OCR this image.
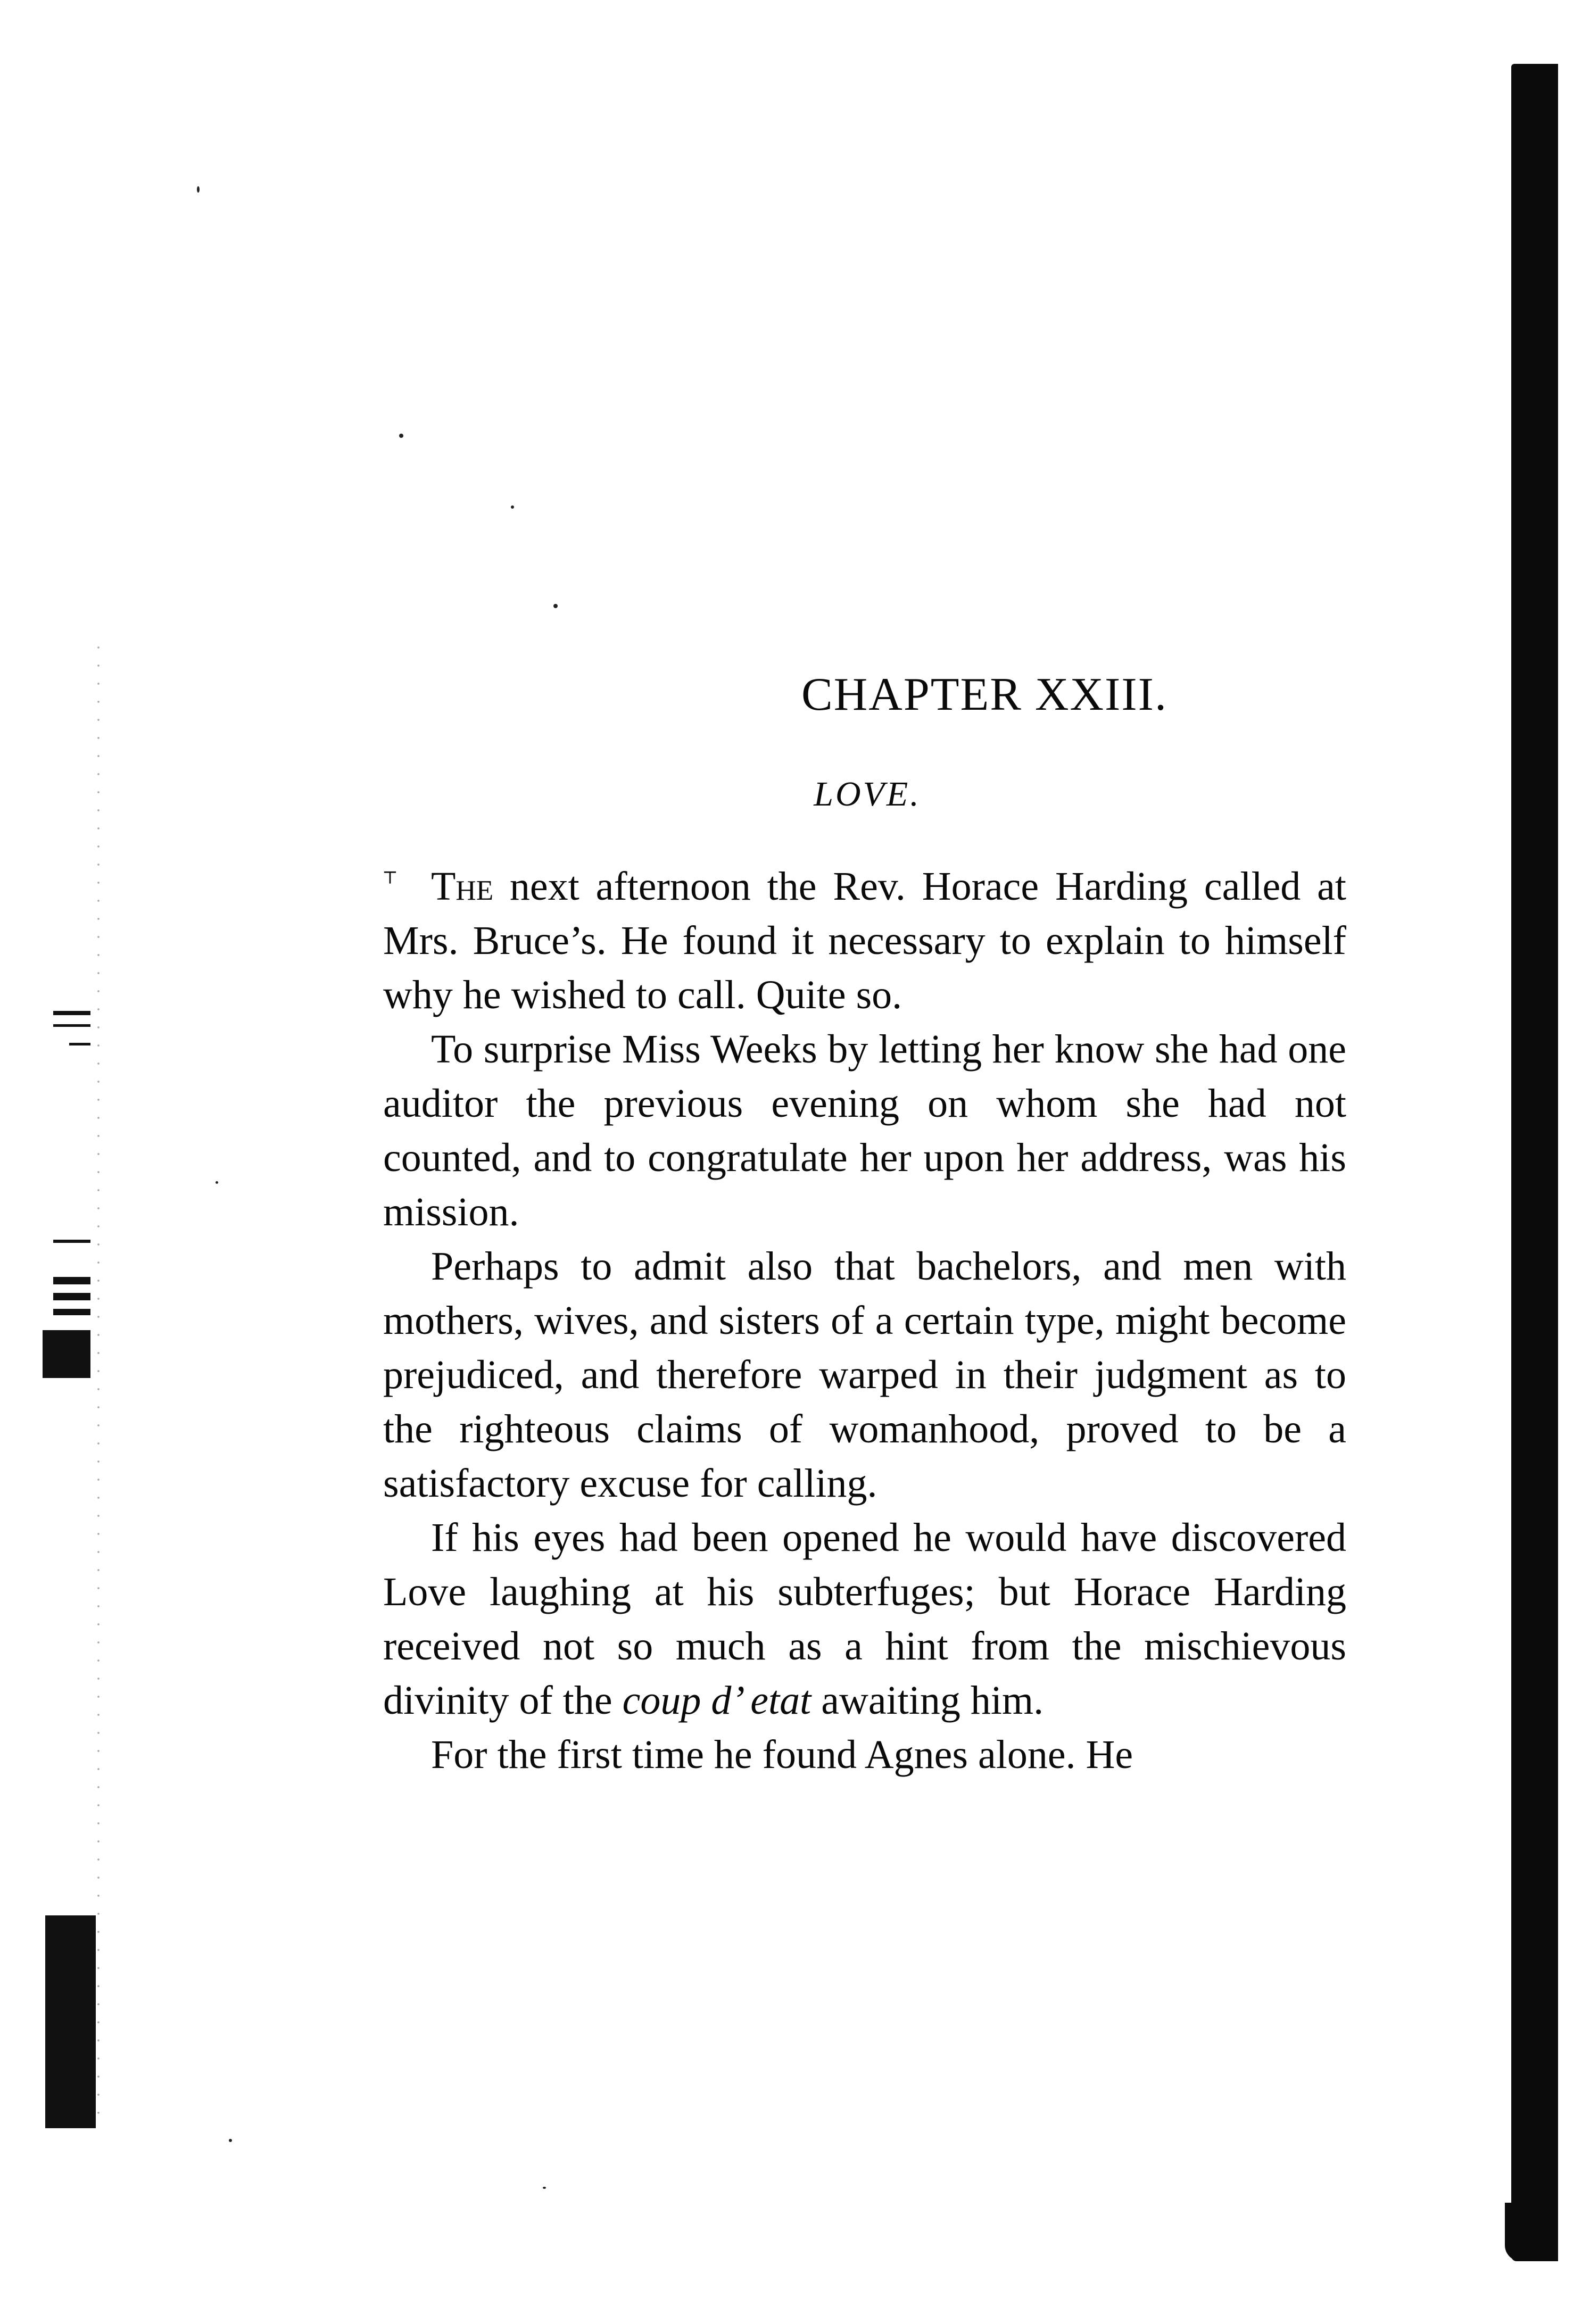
CHAPTER XXIII.
LOVE.
⸆ The next afternoon the Rev. Horace Harding called at Mrs. Bruce’s. He found it necessary to explain to himself why he wished to call. Quite so.

To surprise Miss Weeks by letting her know she had one auditor the previous evening on whom she had not counted, and to congratulate her upon her address, was his mission.

Perhaps to admit also that bachelors, and men with mothers, wives, and sisters of a certain type, might become prejudiced, and therefore warped in their judgment as to the righteous claims of womanhood, proved to be a satisfactory excuse for calling.

If his eyes had been opened he would have discovered Love laughing at his subterfuges; but Horace Harding received not so much as a hint from the mischievous divinity of the coup d’ etat awaiting him.

For the first time he found Agnes alone. He
